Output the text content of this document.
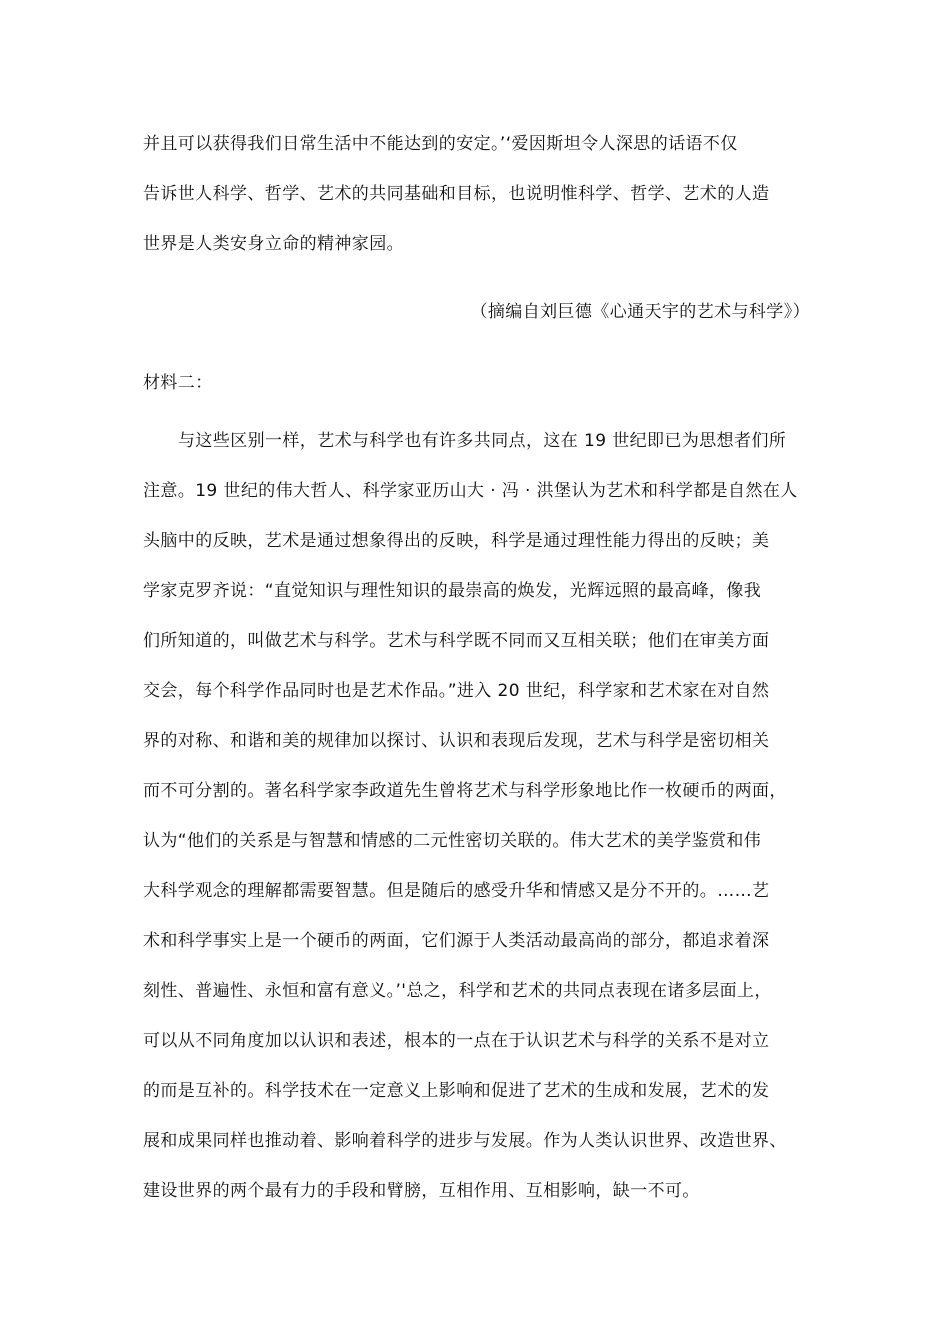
并且可以获得我们日常生活中不能达到的安定。’‘爱因斯坦令人深思的话语不仅
告诉世人科学、哲学、艺术的共同基础和目标，也说明惟科学、哲学、艺术的人造
世界是人类安身立命的精神家园。
（摘编自刘巨德《心通天宇的艺术与科学》）
材料二：
与这些区别一样，艺术与科学也有许多共同点，这在 19 世纪即已为思想者们所
注意。19 世纪的伟大哲人、科学家亚历山大 · 冯 · 洪堡认为艺术和科学都是自然在人
头脑中的反映，艺术是通过想象得出的反映，科学是通过理性能力得出的反映；美
学家克罗齐说：“直觉知识与理性知识的最崇高的焕发，光辉远照的最高峰，像我
们所知道的，叫做艺术与科学。艺术与科学既不同而又互相关联；他们在审美方面
交会，每个科学作品同时也是艺术作品。”进入 20 世纪，科学家和艺术家在对自然
界的对称、和谐和美的规律加以探讨、认识和表现后发现，艺术与科学是密切相关
而不可分割的。著名科学家李政道先生曾将艺术与科学形象地比作一枚硬币的两面，
认为“他们的关系是与智慧和情感的二元性密切关联的。伟大艺术的美学鉴赏和伟
大科学观念的理解都需要智慧。但是随后的感受升华和情感又是分不开的。……艺
术和科学事实上是一个硬币的两面，它们源于人类活动最高尚的部分，都追求着深
刻性、普遍性、永恒和富有意义。’'总之，科学和艺术的共同点表现在诸多层面上，
可以从不同角度加以认识和表述，根本的一点在于认识艺术与科学的关系不是对立
的而是互补的。科学技术在一定意义上影响和促进了艺术的生成和发展，艺术的发
展和成果同样也推动着、影响着科学的进步与发展。作为人类认识世界、改造世界、
建设世界的两个最有力的手段和臂膀，互相作用、互相影响，缺一不可。
